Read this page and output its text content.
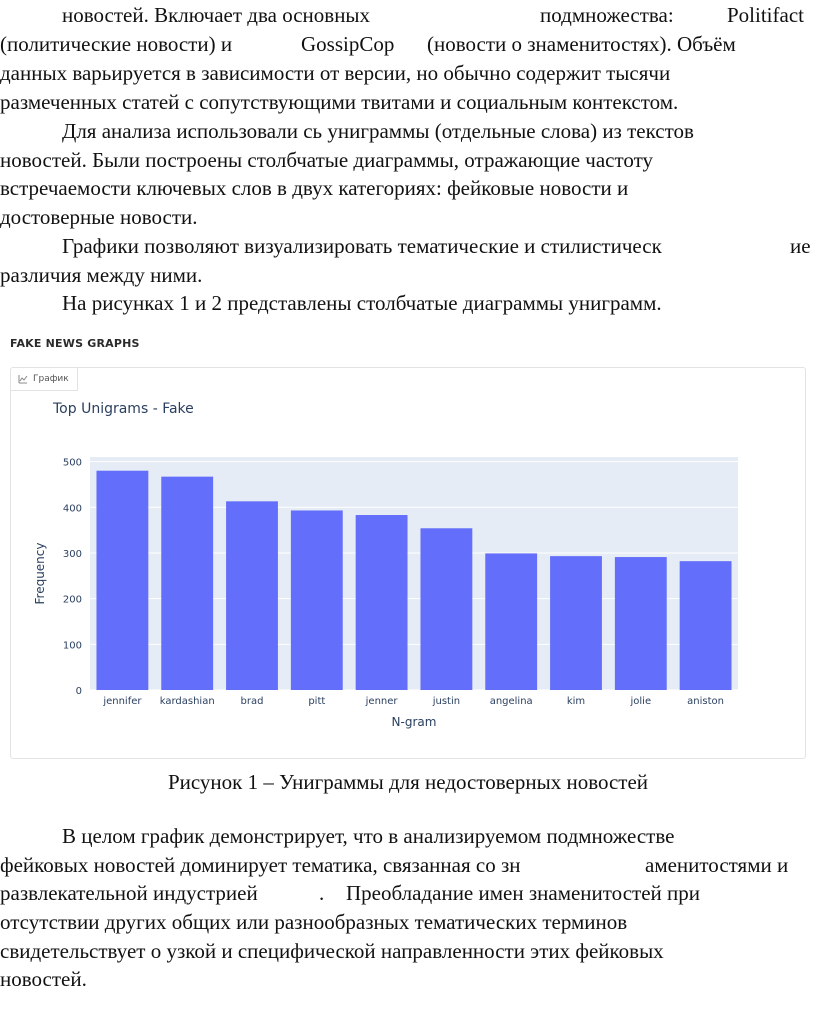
новостей. Включает два основных	подмножества:	Politifact
(политические новости) и	GossipCop (новости о знаменитостях). Объём
данных варьируется в зависимости от версии, но обычно содержит тысячи
размеченных статей с сопутствующими твитами и социальным контекстом.
Для анализа использовали сь униграммы (отдельные слова) из текстов
новостей. Были построены столбчатые диаграммы, отражающие частоту
встречаемости ключевых слов в двух категориях: фейковые новости и
достоверные новости.
Графики позволяют визуализировать тематические и стилистическ	ие
различия между ними.
На рисунках 1 и 2 представлены столбчатые диаграммы униграмм.
FAKE NEWS GRAPHS
График
Top Unigrams - Fake
0
100
200
300
400
500
jennifer kardashian	brad	pitt	jenner	justin	angelina	kim	jolie	aniston
N-gram
Frequency
Рисунок 1 – Униграммы для недостоверных новостей
В целом график демонстрирует, что в анализируемом подмножестве
фейковых новостей доминирует тематика, связанная со зн	аменитостями и
развлекательной индустрией	. Преобладание имен знаменитостей при
отсутствии других общих или разнообразных тематических терминов
свидетельствует о узкой и специфической направленности этих фейковых
новостей.
